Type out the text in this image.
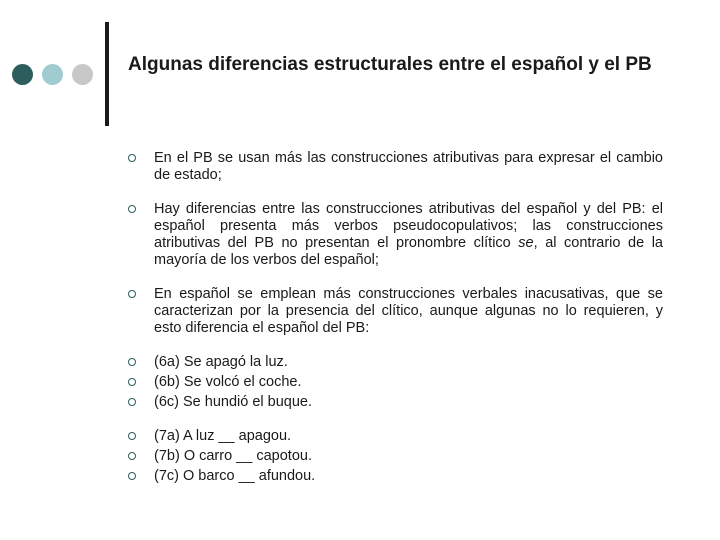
Algunas diferencias estructurales entre el español y el PB
En el PB se usan más las construcciones atributivas para expresar el cambio de estado;
Hay diferencias entre las construcciones atributivas del español y del PB: el español presenta más verbos pseudocopulativos; las construcciones atributivas del PB no presentan el pronombre clítico se, al contrario de la mayoría de los verbos del español;
En español se emplean más construcciones verbales inacusativas, que se caracterizan por la presencia del clítico, aunque algunas no lo requieren, y esto diferencia el español del PB:
(6a) Se apagó la luz.
(6b) Se volcó el coche.
(6c) Se hundió el buque.
(7a) A luz __ apagou.
(7b) O carro __ capotou.
(7c) O barco __ afundou.
